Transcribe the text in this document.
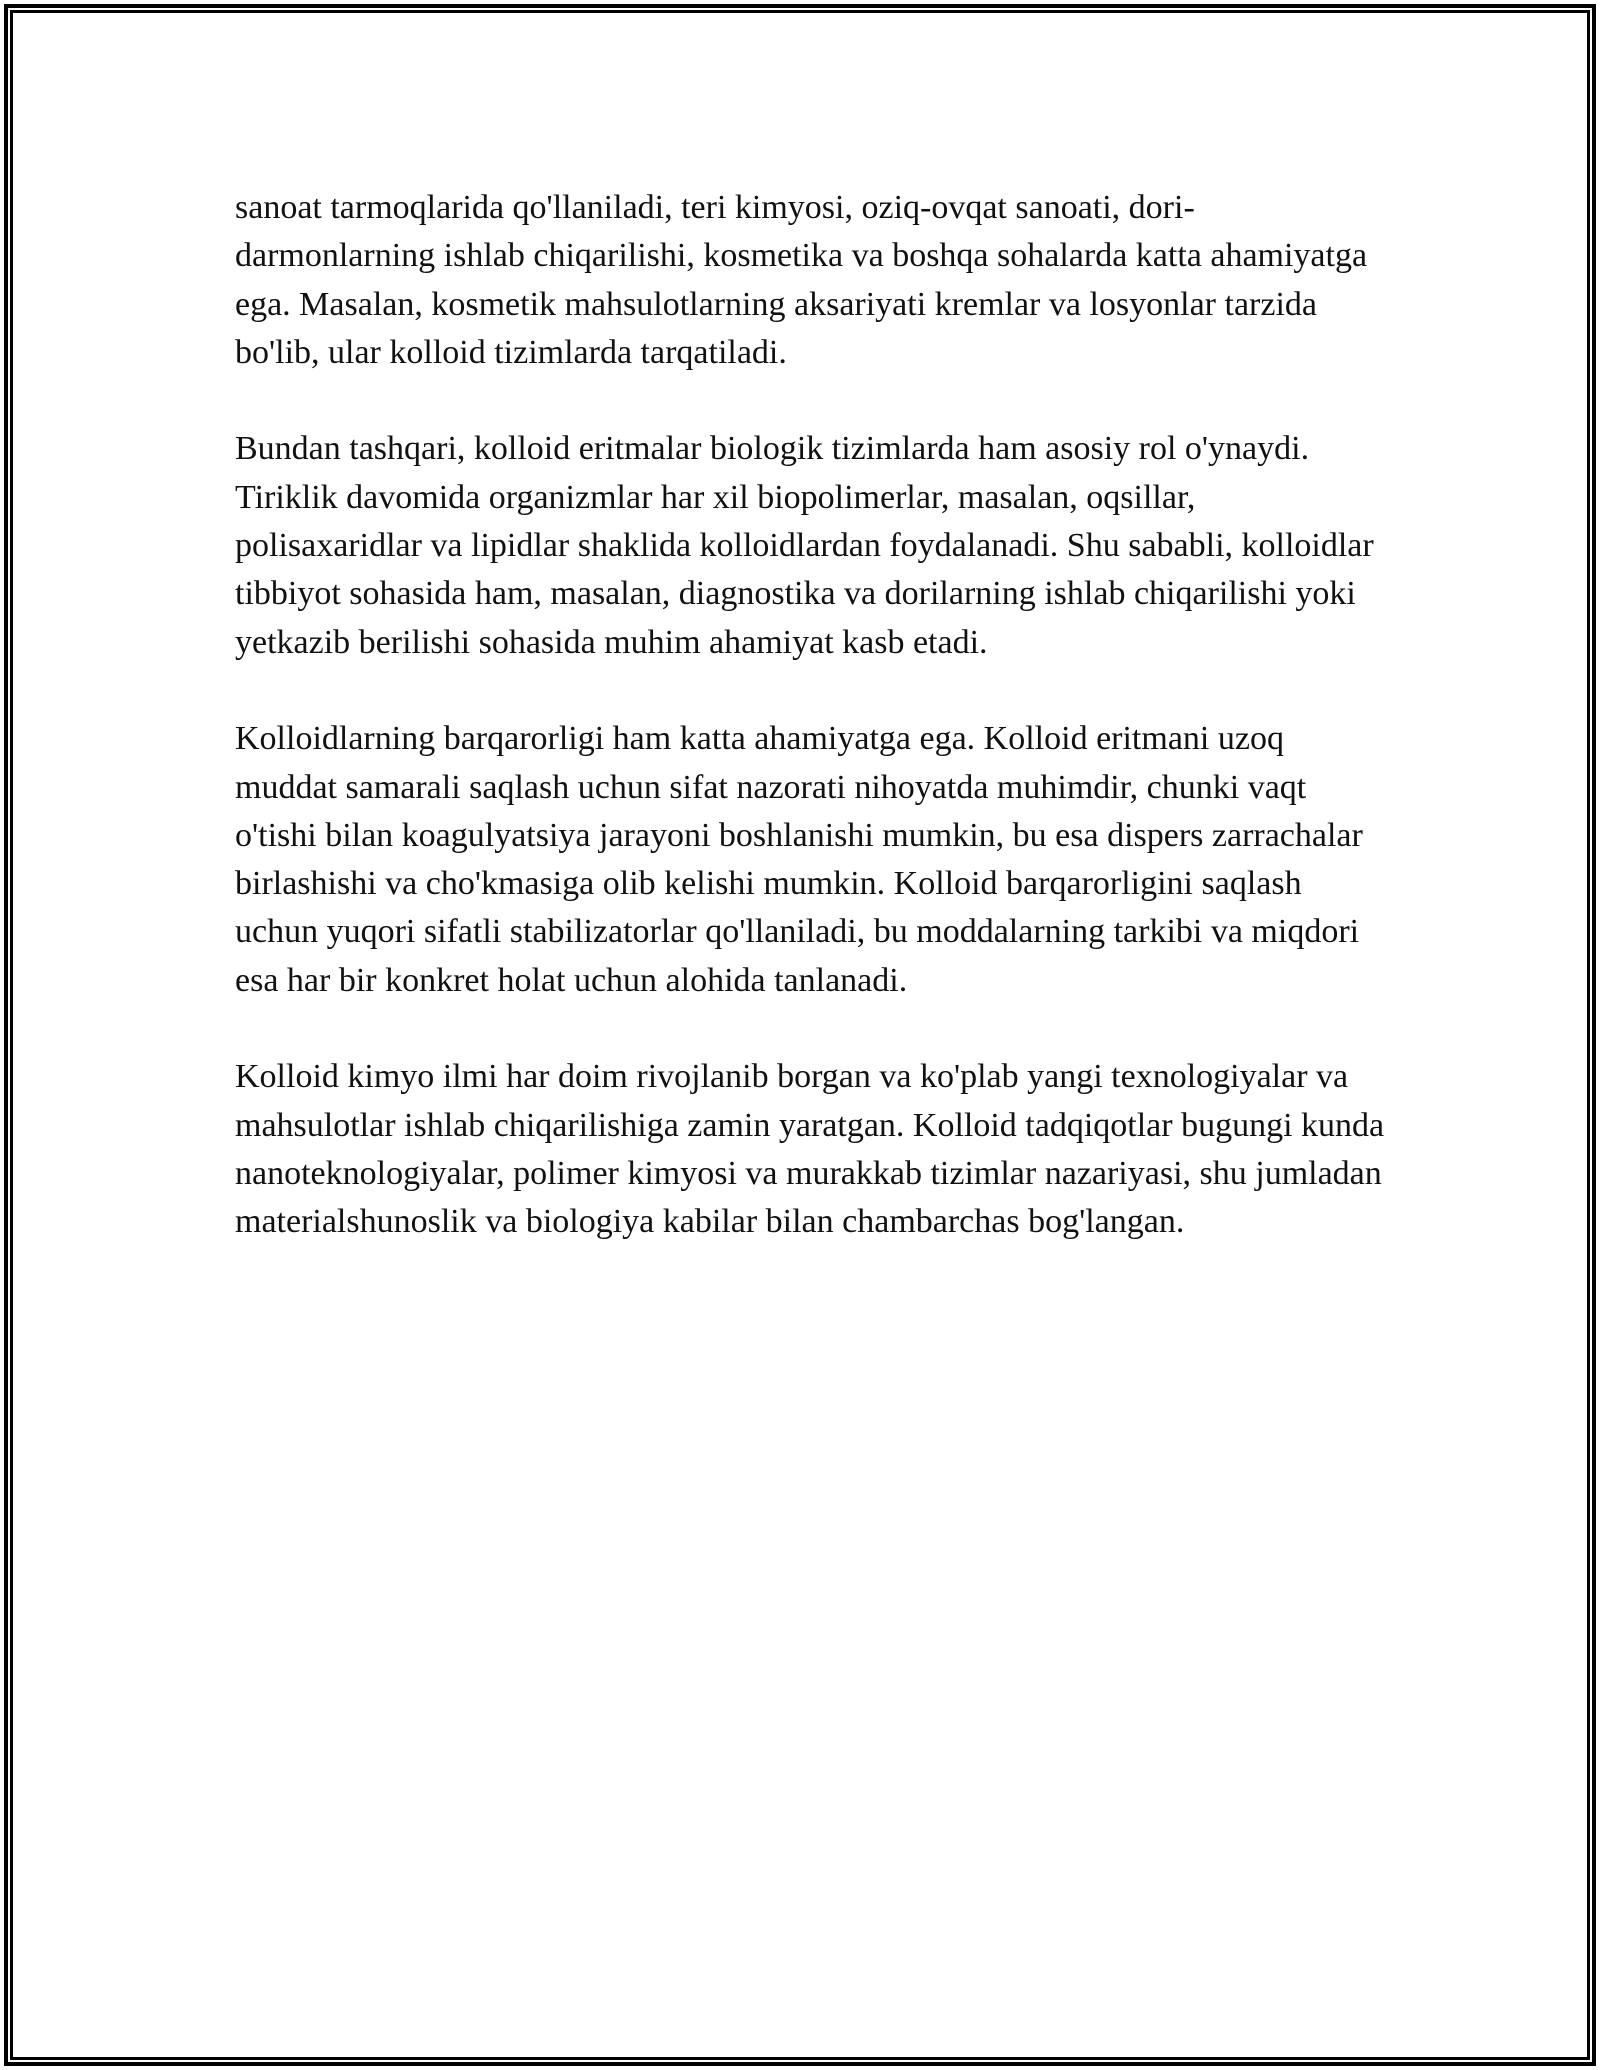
sanoat tarmoqlarida qo'llaniladi, teri kimyosi, oziq-ovqat sanoati, dori-darmonlarning ishlab chiqarilishi, kosmetika va boshqa sohalarda katta ahamiyatga ega. Masalan, kosmetik mahsulotlarning aksariyati kremlar va losyonlar tarzida bo'lib, ular kolloid tizimlarda tarqatiladi.

Bundan tashqari, kolloid eritmalar biologik tizimlarda ham asosiy rol o'ynaydi. Tiriklik davomida organizmlar har xil biopolimerlar, masalan, oqsillar, polisaxaridlar va lipidlar shaklida kolloidlardan foydalanadi. Shu sababli, kolloidlar tibbiyot sohasida ham, masalan, diagnostika va dorilarning ishlab chiqarilishi yoki yetkazib berilishi sohasida muhim ahamiyat kasb etadi.

Kolloidlarning barqarorligi ham katta ahamiyatga ega. Kolloid eritmani uzoq muddat samarali saqlash uchun sifat nazorati nihoyatda muhimdir, chunki vaqt o'tishi bilan koagulyatsiya jarayoni boshlanishi mumkin, bu esa dispers zarrachalar birlashishi va cho'kmasiga olib kelishi mumkin. Kolloid barqarorligini saqlash uchun yuqori sifatli stabilizatorlar qo'llaniladi, bu moddalarning tarkibi va miqdori esa har bir konkret holat uchun alohida tanlanadi.

Kolloid kimyo ilmi har doim rivojlanib borgan va ko'plab yangi texnologiyalar va mahsulotlar ishlab chiqarilishiga zamin yaratgan. Kolloid tadqiqotlar bugungi kunda nanoteknologiyalar, polimer kimyosi va murakkab tizimlar nazariyasi, shu jumladan materialshunoslik va biologiya kabilar bilan chambarchas bog'langan.
